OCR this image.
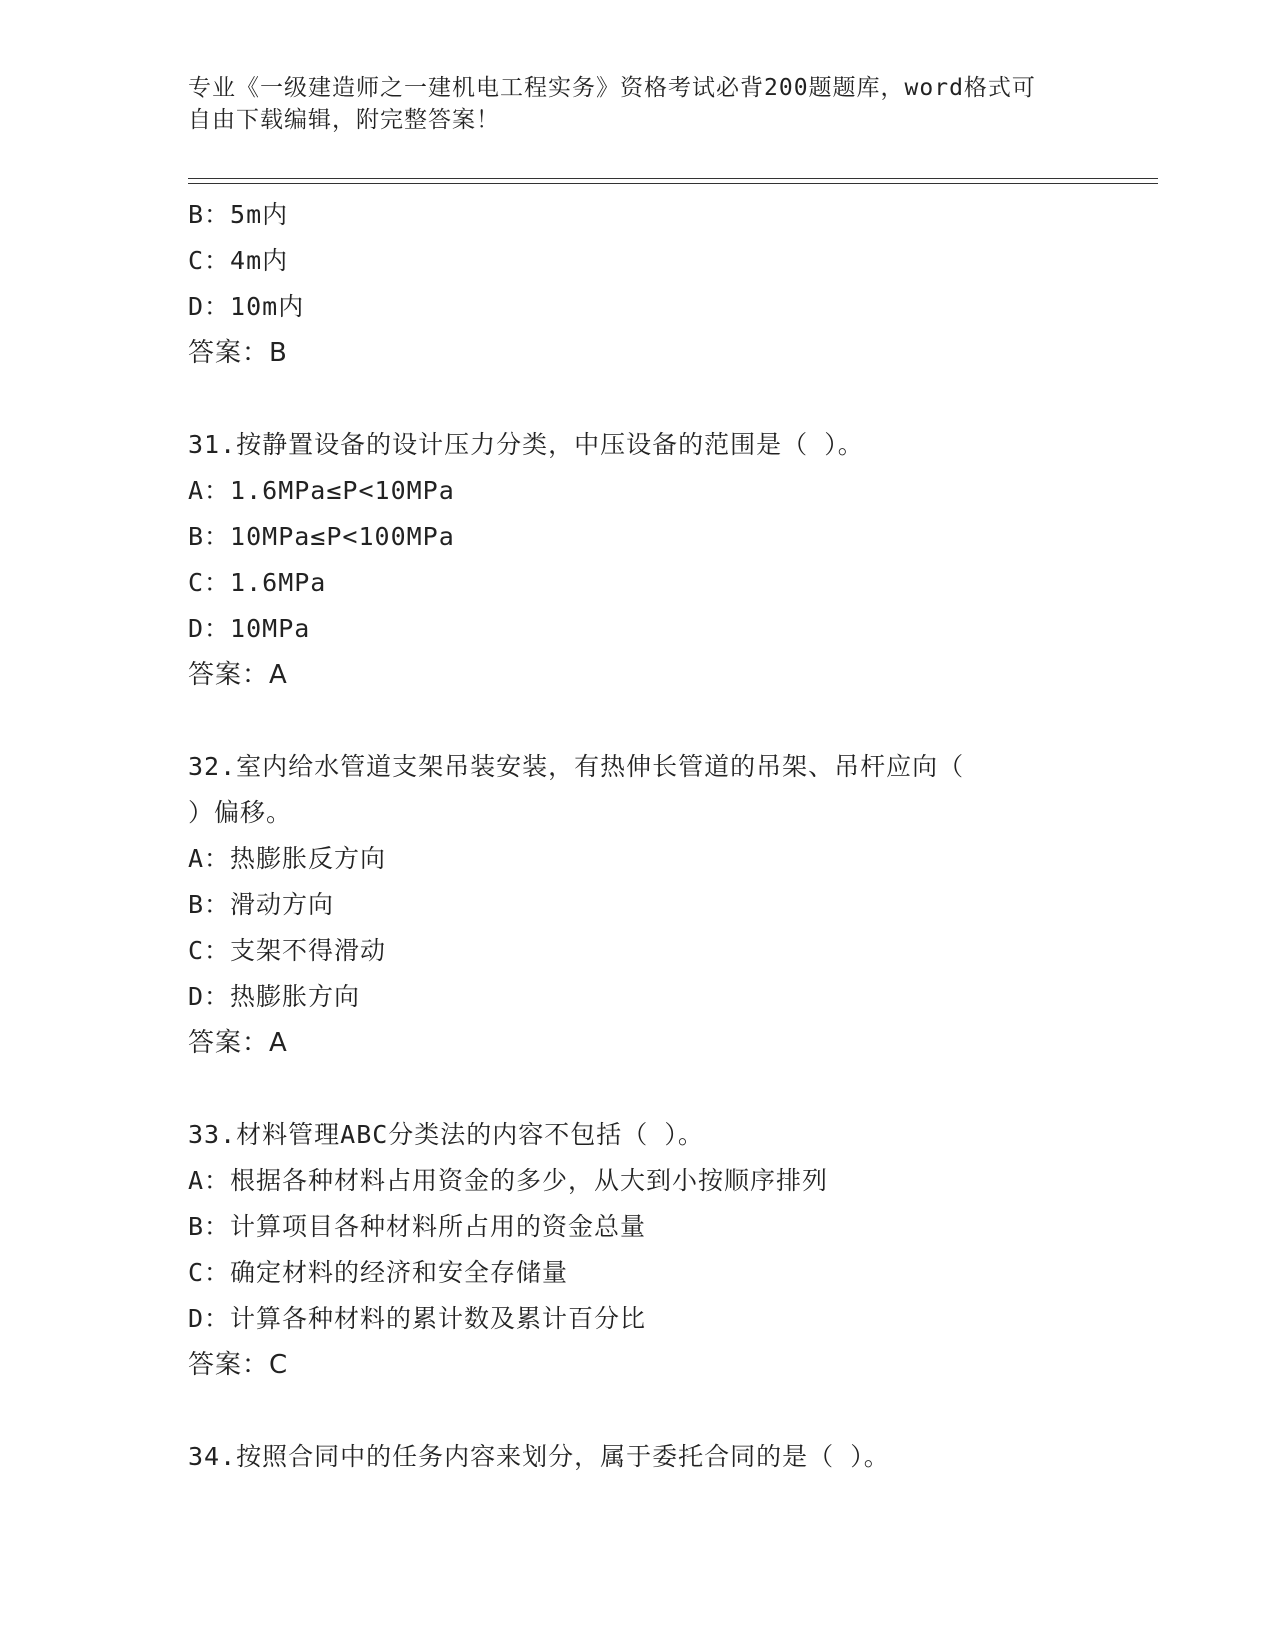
专业《一级建造师之一建机电工程实务》资格考试必背200题题库，word格式可
自由下载编辑，附完整答案！
B：5m内
C：4m内
D：10m内
答案：B
31.按静置设备的设计压力分类，中压设备的范围是（ ）。
A：1.6MPa≤P<10MPa
B：10MPa≤P<100MPa
C：1.6MPa
D：10MPa
答案：A
32.室内给水管道支架吊装安装，有热伸长管道的吊架、吊杆应向（
）偏移。
A：热膨胀反方向
B：滑动方向
C：支架不得滑动
D：热膨胀方向
答案：A
33.材料管理ABC分类法的内容不包括（ ）。
A：根据各种材料占用资金的多少，从大到小按顺序排列
B：计算项目各种材料所占用的资金总量
C：确定材料的经济和安全存储量
D：计算各种材料的累计数及累计百分比
答案：C
34.按照合同中的任务内容来划分，属于委托合同的是（ ）。
